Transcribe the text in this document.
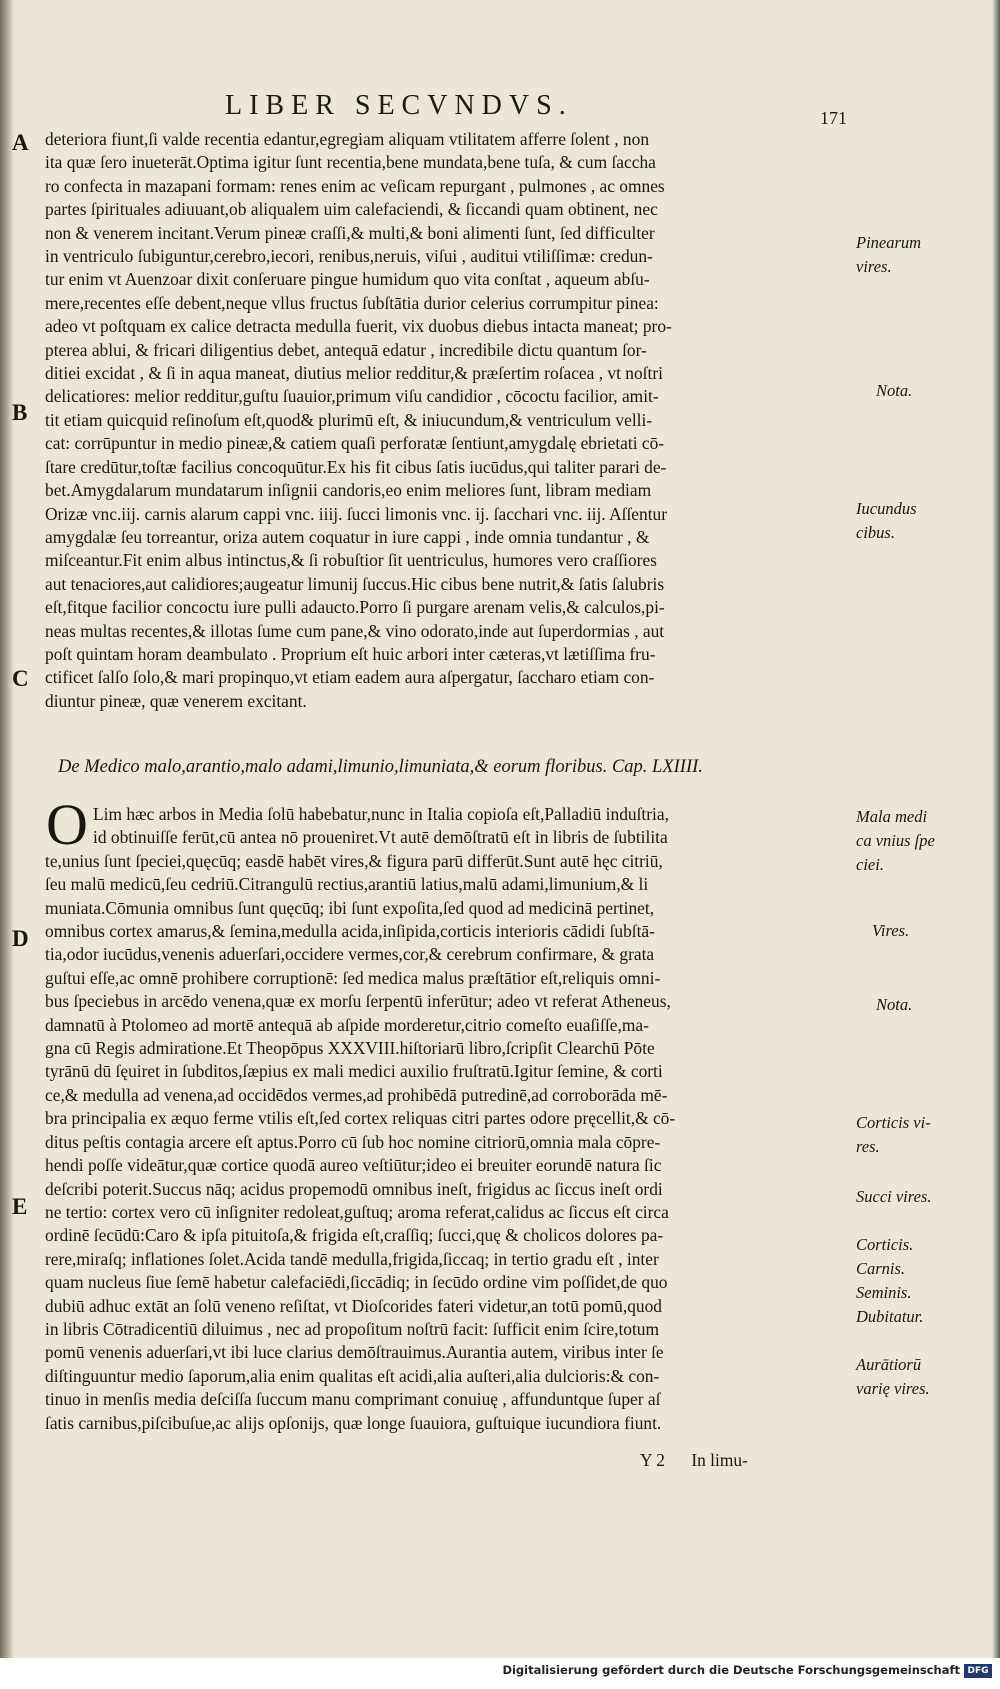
LIBER SECVNDVS.	171
A
B
C
D
E
deteriora fiunt,ſi valde recentia edantur,egregiam aliquam vtilitatem afferre ſolent , non
ita quæ ſero inueterāt.Optima igitur ſunt recentia,bene mundata,bene tuſa, & cum ſaccha
ro confecta in mazapani formam: renes enim ac veſicam repurgant , pulmones , ac omnes
partes ſpirituales adiuuant,ob aliqualem uim calefaciendi, & ſiccandi quam obtinent, nec
non & venerem incitant.Verum pineæ craſſi,& multi,& boni alimenti ſunt, ſed difficulter
in ventriculo ſubiguntur,cerebro,iecori, renibus,neruis, viſui , auditui vtiliſſimæ: credun-
tur enim vt Auenzoar dixit conſeruare pingue humidum quo vita conſtat , aqueum abſu-
mere,recentes eſſe debent,neque vllus fructus ſubſtātia durior celerius corrumpitur pinea:
adeo vt poſtquam ex calice detracta medulla fuerit, vix duobus diebus intacta maneat; pro-
pterea ablui, & fricari diligentius debet, antequā edatur , incredibile dictu quantum ſor-
ditiei excidat , & ſi in aqua maneat, diutius melior redditur,& præſertim roſacea , vt noſtri
delicatiores: melior redditur,guſtu ſuauior,primum viſu candidior , cōcoctu facilior, amit-
tit etiam quicquid reſinoſum eſt,quod& plurimū eſt, & iniucundum,& ventriculum velli-
cat: corrūpuntur in medio pineæ,& catiem quaſi perforatæ ſentiunt,amygdalę ebrietati cō-
ſtare credūtur,toſtæ facilius concoquūtur.Ex his fit cibus ſatis iucūdus,qui taliter parari de-
bet.Amygdalarum mundatarum inſignii candoris,eo enim meliores ſunt, libram mediam
Orizæ vnc.iij. carnis alarum cappi vnc. iiij. ſucci limonis vnc. ij. ſacchari vnc. iij. Aſſentur
amygdalæ ſeu torreantur, oriza autem coquatur in iure cappi , inde omnia tundantur , &
miſceantur.Fit enim albus intinctus,& ſi robuſtior ſit uentriculus, humores vero craſſiores
aut tenaciores,aut calidiores;augeatur limunij ſuccus.Hic cibus bene nutrit,& ſatis ſalubris
eſt,fitque facilior concoctu iure pulli adaucto.Porro ſi purgare arenam velis,& calculos,pi-
neas multas recentes,& illotas ſume cum pane,& vino odorato,inde aut ſuperdormias , aut
poſt quintam horam deambulato . Proprium eſt huic arbori inter cæteras,vt lætiſſima fru-
ctificet ſalſo ſolo,& mari propinquo,vt etiam eadem aura aſpergatur, ſaccharo etiam con-
diuntur pineæ, quæ venerem excitant.
De Medico malo,arantio,malo adami,limunio,limuniata,& eorum floribus. Cap. LXIIII.
O Lim hæc arbos in Media ſolū habebatur,nunc in Italia copioſa eſt,Palladiū induſtria,
id obtinuiſſe ferūt,cū antea nō proueniret.Vt autē demōſtratū eſt in libris de ſubtilita
te,unius ſunt ſpeciei,quęcūq; easdē habēt vires,& figura parū differūt.Sunt autē hęc citriū,
ſeu malū medicū,ſeu cedriū.Citrangulū rectius,arantiū latius,malū adami,limunium,& li
muniata.Cōmunia omnibus ſunt quęcūq; ibi ſunt expoſita,ſed quod ad medicinā pertinet,
omnibus cortex amarus,& ſemina,medulla acida,inſipida,corticis interioris cādidi ſubſtā-
tia,odor iucūdus,venenis aduerſari,occidere vermes,cor,& cerebrum confirmare, & grata
guſtui eſſe,ac omnē prohibere corruptionē: ſed medica malus præſtātior eſt,reliquis omni-
bus ſpeciebus in arcēdo venena,quæ ex morſu ſerpentū inferūtur; adeo vt referat Atheneus,
damnatū à Ptolomeo ad mortē antequā ab aſpide morderetur,citrio comeſto euaſiſſe,ma-
gna cū Regis admiratione.Et Theopōpus XXXVIII.hiſtoriarū libro,ſcripſit Clearchū Pōte
tyrānū dū ſęuiret in ſubditos,ſæpius ex mali medici auxilio fruſtratū.Igitur ſemine, & corti
ce,& medulla ad venena,ad occidēdos vermes,ad prohibēdā putredinē,ad corroborāda mē-
bra principalia ex æquo ferme vtilis eſt,ſed cortex reliquas citri partes odore pręcellit,& cō-
ditus peſtis contagia arcere eſt aptus.Porro cū ſub hoc nomine citriorū,omnia mala cōpre-
hendi poſſe videātur,quæ cortice quodā aureo veſtiūtur;ideo ei breuiter eorundē natura ſic
deſcribi poterit.Succus nāq; acidus propemodū omnibus ineſt, frigidus ac ſiccus ineſt ordi
ne tertio: cortex vero cū inſigniter redoleat,guſtuq; aroma referat,calidus ac ſiccus eſt circa
ordinē ſecūdū:Caro & ipſa pituitoſa,& frigida eſt,craſſiq; ſucci,quę & cholicos dolores pa-
rere,miraſq; inflationes ſolet.Acida tandē medulla,frigida,ſiccaq; in tertio gradu eſt , inter
quam nucleus ſiue ſemē habetur calefaciēdi,ſiccādiq; in ſecūdo ordine vim poſſidet,de quo
dubiū adhuc extāt an ſolū veneno reſiſtat, vt Dioſcorides fateri videtur,an totū pomū,quod
in libris Cōtradicentiū diluimus , nec ad propoſitum noſtrū facit: ſufficit enim ſcire,totum
pomū venenis aduerſari,vt ibi luce clarius demōſtrauimus.Aurantia autem, viribus inter ſe
diſtinguuntur medio ſaporum,alia enim qualitas eſt acidi,alia auſteri,alia dulcioris:& con-
tinuo in menſis media deſciſſa ſuccum manu comprimant conuiuę , affunduntque ſuper aſ
ſatis carnibus,piſcibuſue,ac alijs opſonijs, quæ longe ſuauiora, guſtuique iucundiora fiunt.
Pinearum
vires.
Nota.
Iucundus
cibus.
Mala medi
ca vnius ſpe
ciei.
Vires.
Nota.
Corticis vi-
res.
Succi vires.
Corticis.
Carnis.
Seminis.
Dubitatur.
Aurātiorū
varię vires.
Y 2 In limu-
Digitalisierung gefördert durch die Deutsche Forschungsgemeinschaft DFG
